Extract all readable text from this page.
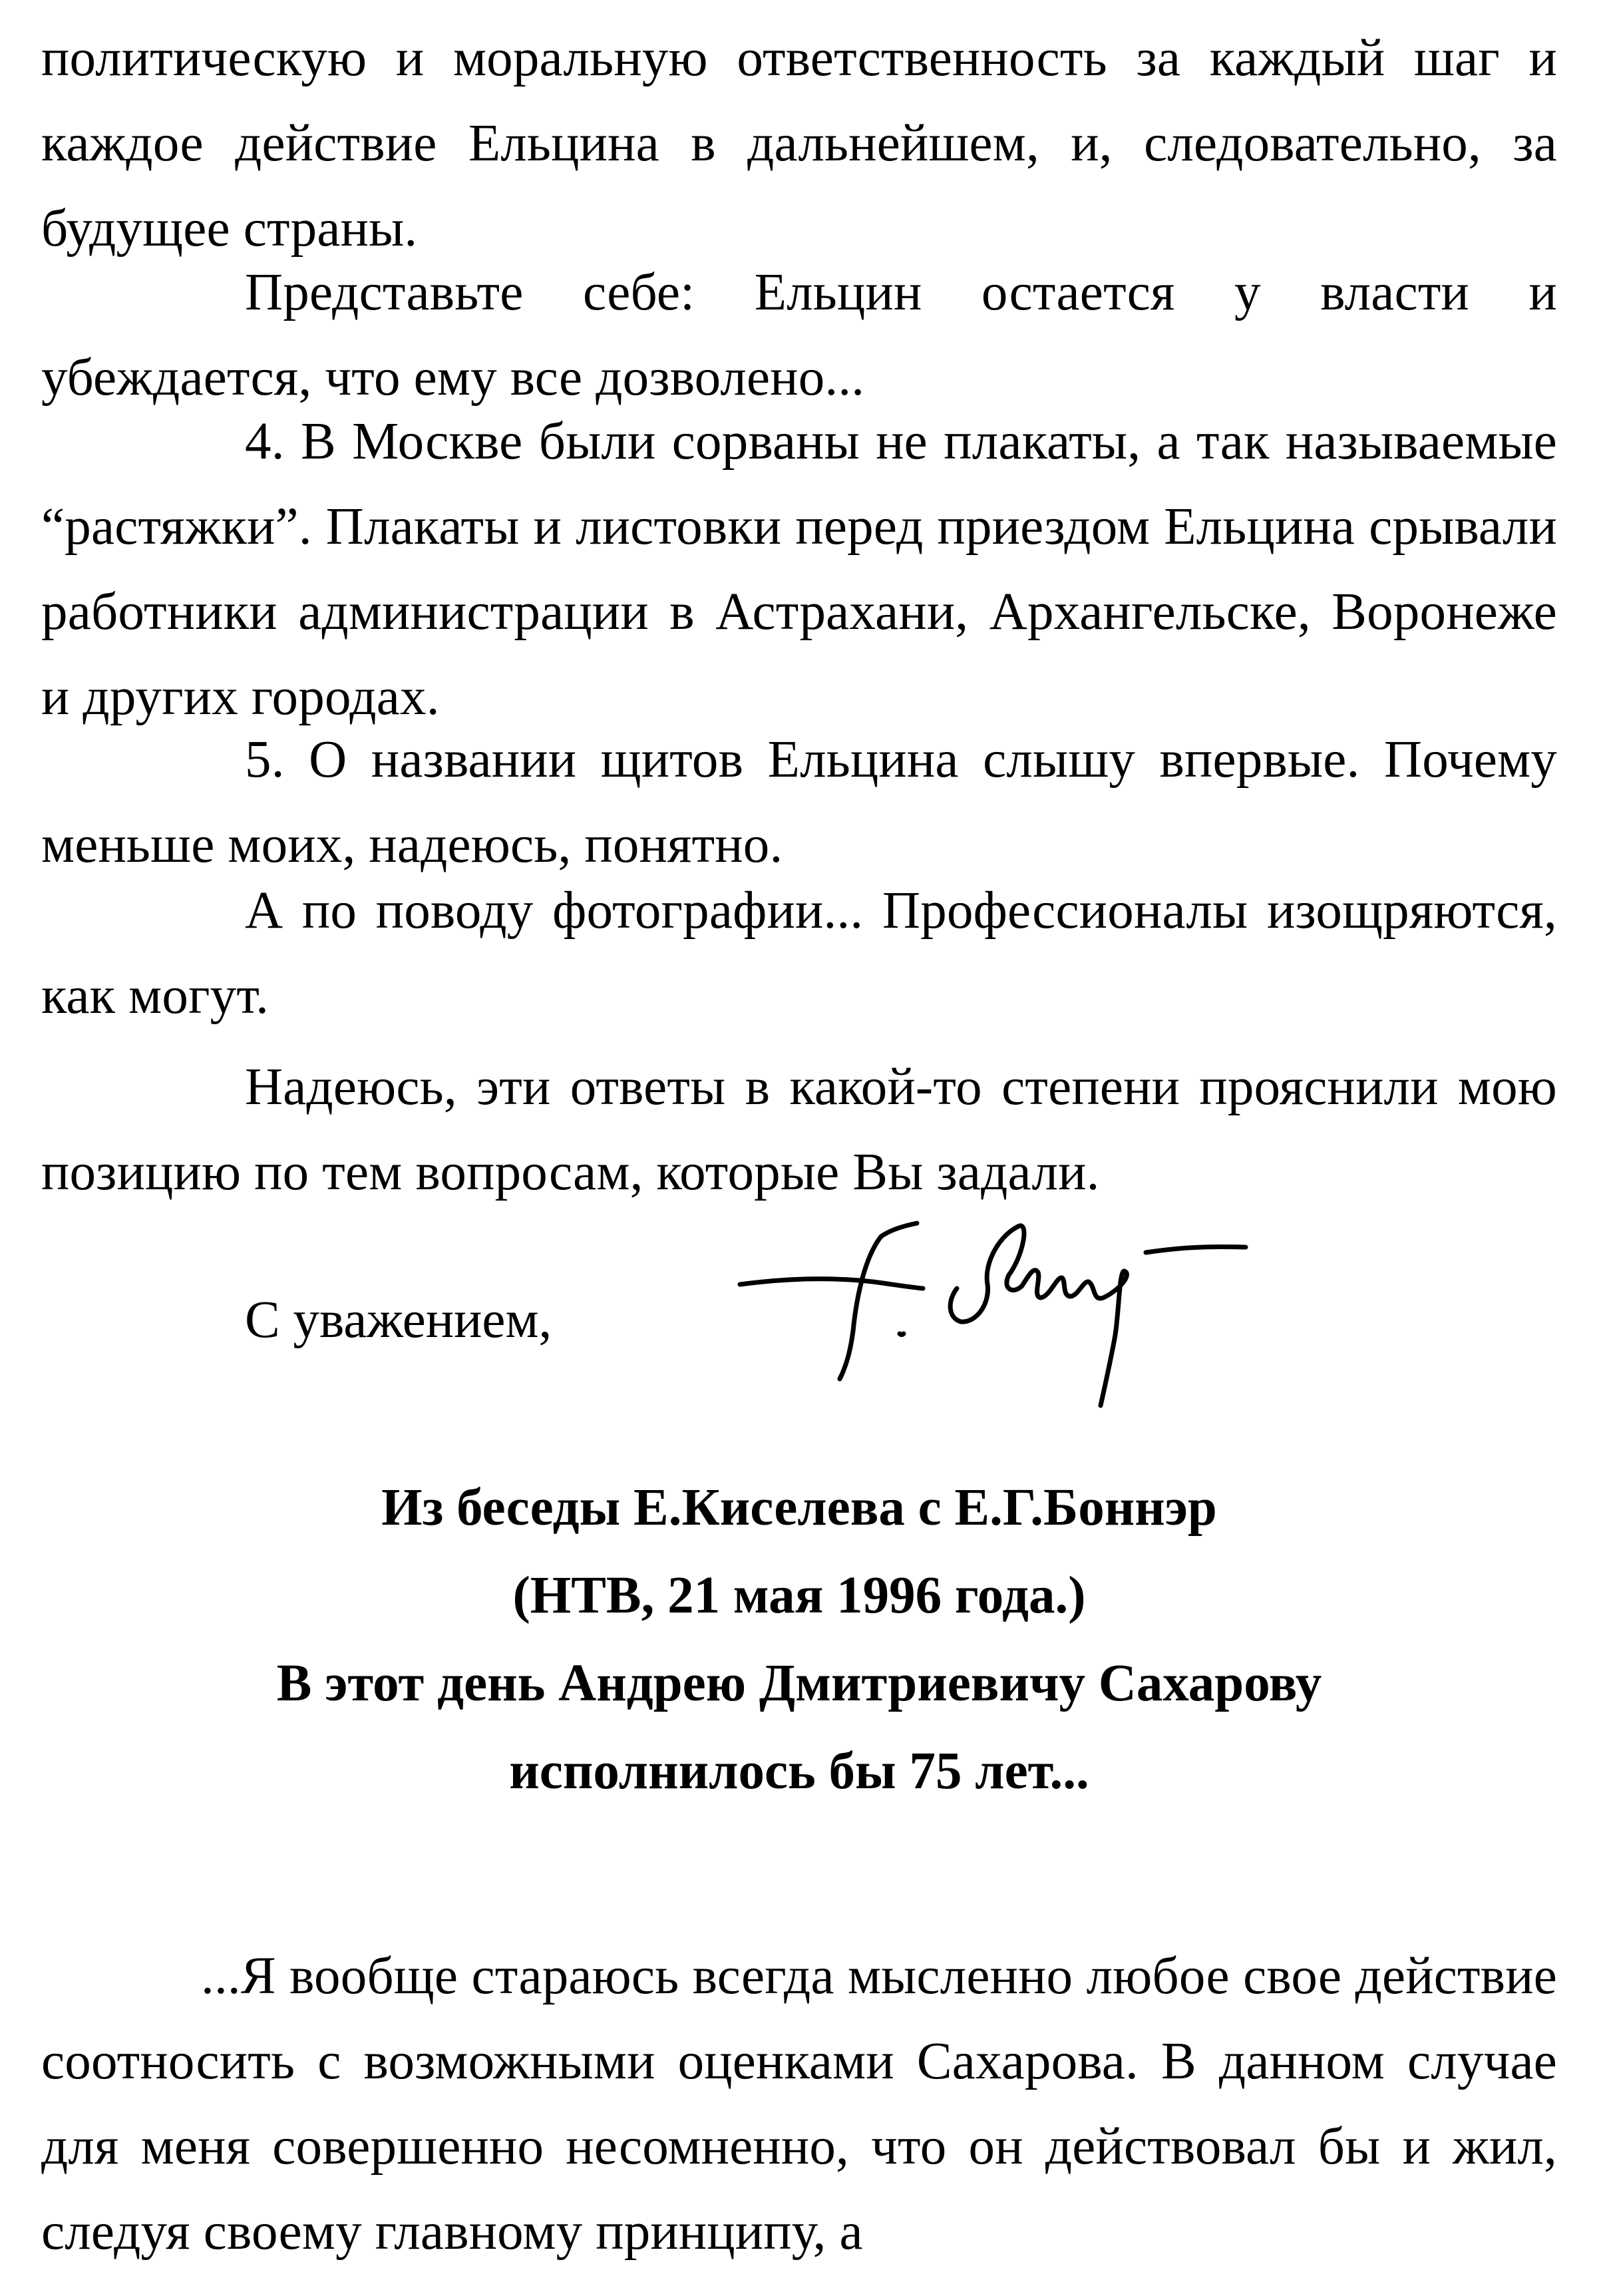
политическую и моральную ответственность за каждый шаг и каждое действие Ельцина в дальнейшем, и, следовательно, за будущее страны.

Представьте себе: Ельцин остается у власти и убеждается, что ему все дозволено...

4. В Москве были сорваны не плакаты, а так называемые “растяжки”. Плакаты и листовки перед приездом Ельцина срывали работники администрации в Астрахани, Архангельске, Воронеже и других городах.

5. О названии щитов Ельцина слышу впервые. Почему меньше моих, надеюсь, понятно.

А по поводу фотографии... Профессионалы изощряются, как могут.

Надеюсь, эти ответы в какой-то степени прояснили мою позицию по тем вопросам, которые Вы задали.

С уважением,
Из беседы Е.Киселева с Е.Г.Боннэр
(НТВ, 21 мая 1996 года.)
В этот день Андрею Дмитриевичу Сахарову
исполнилось бы 75 лет...

...Я вообще стараюсь всегда мысленно любое свое действие соотносить с возможными оценками Сахарова. В данном случае для меня совершенно несомненно, что он действовал бы и жил, следуя своему главному принципу, а
